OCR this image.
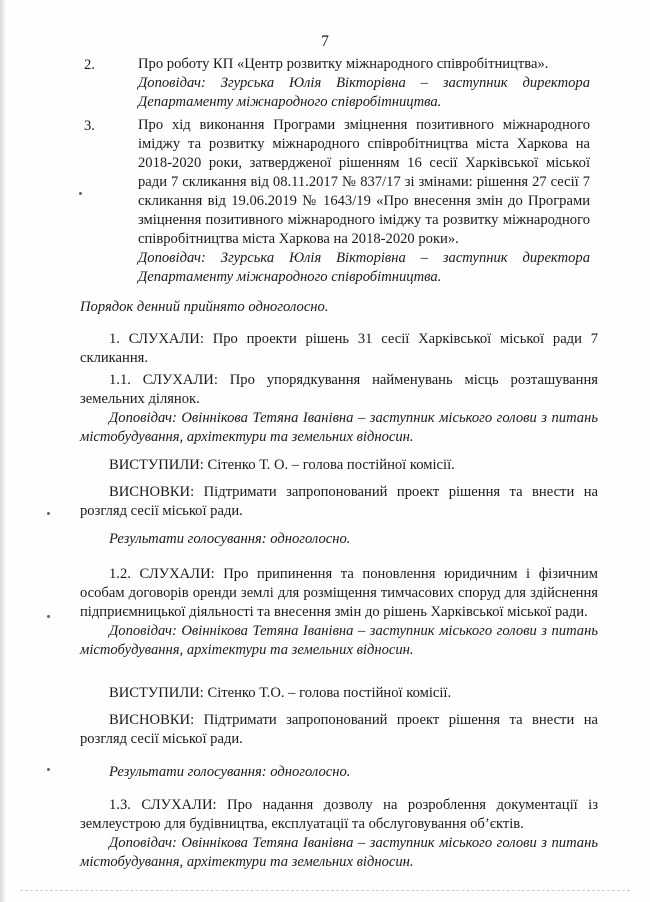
7
2.	Про роботу КП «Центр розвитку міжнародного співробітництва».
Доповідач: Згурська Юлія Вікторівна – заступник директора Департаменту міжнародного співробітництва.
3.	Про хід виконання Програми зміцнення позитивного міжнародного іміджу та розвитку міжнародного співробітництва міста Харкова на 2018-2020 роки, затвердженої рішенням 16 сесії Харківської міської ради 7 скликання від 08.11.2017 № 837/17 зі змінами: рішення 27 сесії 7 скликання від 19.06.2019 № 1643/19 «Про внесення змін до Програми зміцнення позитивного міжнародного іміджу та розвитку міжнародного співробітництва міста Харкова на 2018-2020 роки».
Доповідач: Згурська Юлія Вікторівна – заступник директора Департаменту міжнародного співробітництва.
Порядок денний прийнято одноголосно.
1. СЛУХАЛИ: Про проекти рішень 31 сесії Харківської міської ради 7 скликання.
1.1. СЛУХАЛИ: Про упорядкування найменувань місць розташування земельних ділянок.
Доповідач: Овіннікова Тетяна Іванівна – заступник міського голови з питань містобудування, архітектури та земельних відносин.
ВИСТУПИЛИ: Сітенко Т. О. – голова постійної комісії.
ВИСНОВКИ: Підтримати запропонований проект рішення та внести на розгляд сесії міської ради.
Результати голосування: одноголосно.
1.2. СЛУХАЛИ: Про припинення та поновлення юридичним і фізичним особам договорів оренди землі для розміщення тимчасових споруд для здійснення підприємницької діяльності та внесення змін до рішень Харківської міської ради.
Доповідач: Овіннікова Тетяна Іванівна – заступник міського голови з питань містобудування, архітектури та земельних відносин.
ВИСТУПИЛИ: Сітенко Т.О. – голова постійної комісії.
ВИСНОВКИ: Підтримати запропонований проект рішення та внести на розгляд сесії міської ради.
Результати голосування: одноголосно.
1.3. СЛУХАЛИ: Про надання дозволу на розроблення документації із землеустрою для будівництва, експлуатації та обслуговування об’єктів.
Доповідач: Овіннікова Тетяна Іванівна – заступник міського голови з питань містобудування, архітектури та земельних відносин.
